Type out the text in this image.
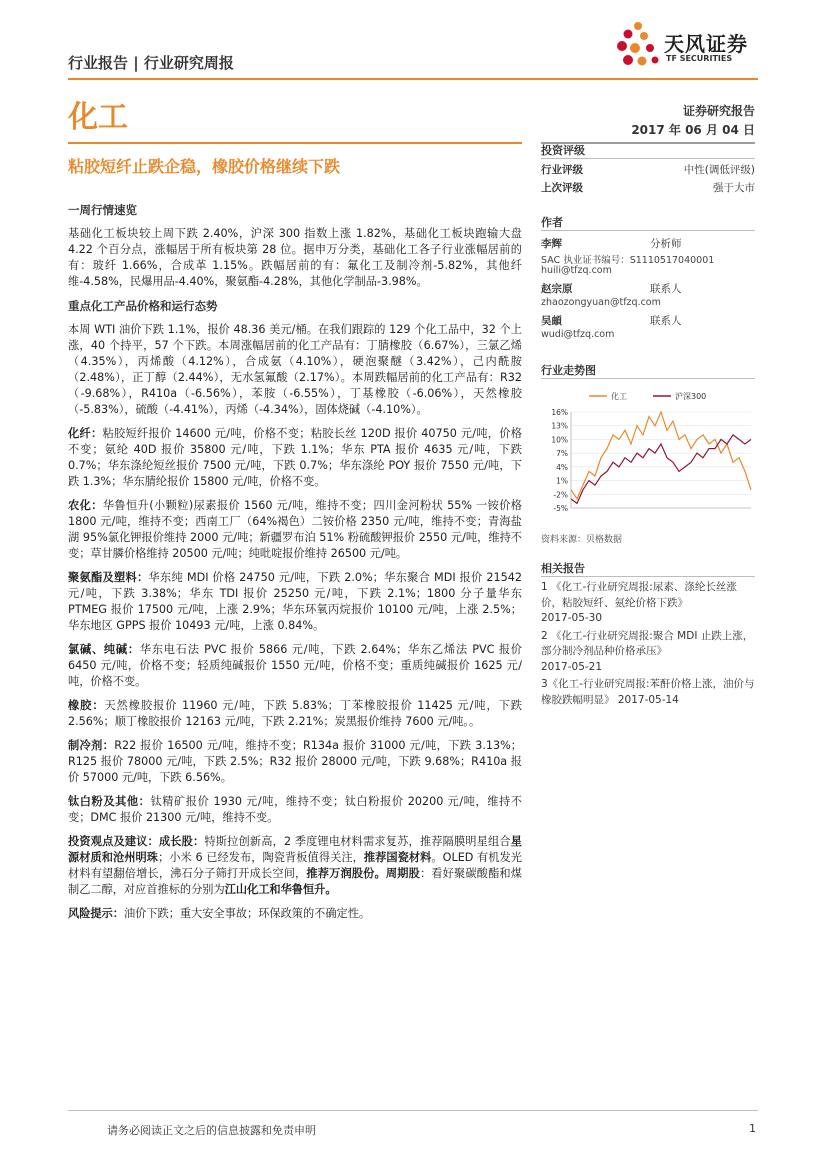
行业报告 | 行业研究周报
天风证券
TF SECURITIES
化工	证券研究报告
2017 年 06 月 04 日
粘胶短纤止跌企稳，橡胶价格继续下跌
一周行情速览

基础化工板块较上周下跌 2.40%，沪深 300 指数上涨 1.82%，基础化工板块跑输大盘 4.22 个百分点，涨幅居于所有板块第 28 位。据申万分类，基础化工各子行业涨幅居前的有：玻纤 1.66%，合成革 1.15%。跌幅居前的有：氟化工及制冷剂-5.82%，其他纤维-4.58%，民爆用品-4.40%，聚氨酯-4.28%，其他化学制品-3.98%。

重点化工产品价格和运行态势

本周 WTI 油价下跌 1.1%，报价 48.36 美元/桶。在我们跟踪的 129 个化工品中，32 个上涨，40 个持平，57 个下跌。本周涨幅居前的化工产品有：丁腈橡胶（6.67%），三氯乙烯（4.35%），丙烯酸（4.12%），合成氨（4.10%），硬泡聚醚（3.42%），己内酰胺（2.48%），正丁醇（2.44%），无水氢氟酸（2.17%）。本周跌幅居前的化工产品有：R32（-9.68%），R410a（-6.56%），苯胺（-6.55%），丁基橡胶（-6.06%），天然橡胶（-5.83%），硫酸（-4.41%），丙烯（-4.34%），固体烧碱（-4.10%）。

化纤：粘胶短纤报价 14600 元/吨，价格不变；粘胶长丝 120D 报价 40750 元/吨，价格不变；氨纶 40D 报价 35800 元/吨，下跌 1.1%；华东 PTA 报价 4635 元/吨，下跌 0.7%；华东涤纶短丝报价 7500 元/吨，下跌 0.7%；华东涤纶 POY 报价 7550 元/吨，下跌 1.3%；华东腈纶报价 15800 元/吨，价格不变。

农化：华鲁恒升(小颗粒)尿素报价 1560 元/吨，维持不变；四川金河粉状 55% 一铵价格 1800 元/吨，维持不变；西南工厂（64%褐色）二铵价格 2350 元/吨，维持不变；青海盐湖 95%氯化钾报价维持 2000 元/吨；新疆罗布泊 51% 粉硫酸钾报价 2550 元/吨，维持不变；草甘膦价格维持 20500 元/吨；纯吡啶报价维持 26500 元/吨。

聚氨酯及塑料：华东纯 MDI 价格 24750 元/吨，下跌 2.0%；华东聚合 MDI 报价 21542 元/吨，下跌 3.38%；华东 TDI 报价 25250 元/吨，下跌 2.1%；1800 分子量华东 PTMEG 报价 17500 元/吨，上涨 2.9%；华东环氧丙烷报价 10100 元/吨，上涨 2.5%；华东地区 GPPS 报价 10493 元/吨，上涨 0.84%。

氯碱、纯碱：华东电石法 PVC 报价 5866 元/吨，下跌 2.64%；华东乙烯法 PVC 报价 6450 元/吨，价格不变；轻质纯碱报价 1550 元/吨，价格不变；重质纯碱报价 1625 元/吨，价格不变。

橡胶：天然橡胶报价 11960 元/吨，下跌 5.83%；丁苯橡胶报价 11425 元/吨，下跌 2.56%；顺丁橡胶报价 12163 元/吨，下跌 2.21%；炭黑报价维持 7600 元/吨。。

制冷剂：R22 报价 16500 元/吨，维持不变；R134a 报价 31000 元/吨，下跌 3.13%；R125 报价 78000 元/吨，下跌 2.5%；R32 报价 28000 元/吨，下跌 9.68%；R410a 报价 57000 元/吨，下跌 6.56%。

钛白粉及其他：钛精矿报价 1930 元/吨，维持不变；钛白粉报价 20200 元/吨，维持不变；DMC 报价 21300 元/吨，维持不变。

投资观点及建议：成长股：特斯拉创新高，2 季度锂电材料需求复苏，推荐隔膜明星组合星源材质和沧州明珠；小米 6 已经发布，陶瓷背板值得关注，推荐国瓷材料。OLED 有机发光材料有望翻倍增长，沸石分子筛打开成长空间，推荐万润股份。周期股：看好聚碳酸酯和煤制乙二醇，对应首推标的分别为江山化工和华鲁恒升。

风险提示：油价下跌；重大安全事故；环保政策的不确定性。

投资评级
行业评级	中性(调低评级)
上次评级	强于大市
作者
李辉	分析师
SAC 执业证书编号：S1110517040001
huili@tfzq.com
赵宗原	联系人
zhaozongyuan@tfzq.com
吴頔	联系人
wudi@tfzq.com
行业走势图
16%
13%
10%
7%
4%
1%
-2%
-5%
化工	沪深300
资料来源：贝格数据
相关报告
1 《化工-行业研究周报:尿素、涤纶长丝涨价，粘胶短纤、氨纶价格下跌》
2017-05-30
2 《化工-行业研究周报:聚合 MDI 止跌上涨，部分制冷剂品种价格承压》
2017-05-21
3《化工-行业研究周报:苯酐价格上涨，油价与橡胶跌幅明显》 2017-05-14
请务必阅读正文之后的信息披露和免责申明	1
